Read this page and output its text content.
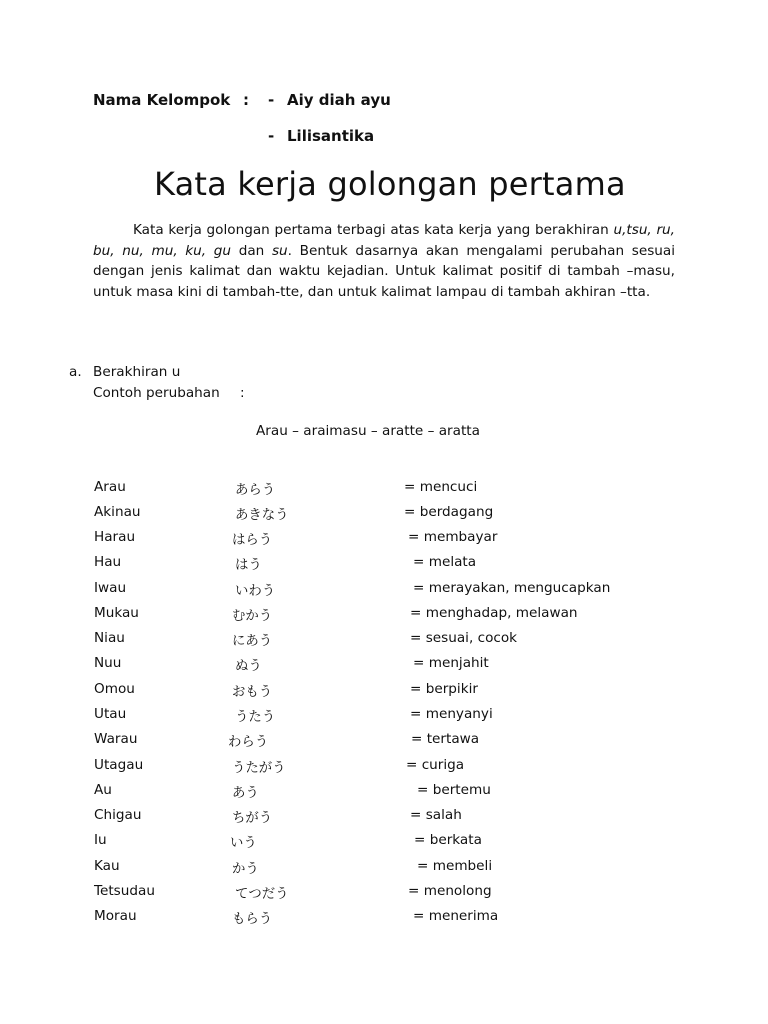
Nama Kelompok : - Aiy diah ayu
- Lilisantika
Kata kerja golongan pertama

Kata kerja golongan pertama terbagi atas kata kerja yang berakhiran u,tsu, ru, bu, nu, mu, ku, gu dan su. Bentuk dasarnya akan mengalami perubahan sesuai dengan jenis kalimat dan waktu kejadian. Untuk kalimat positif di tambah –masu, untuk masa kini di tambah-tte, dan untuk kalimat lampau di tambah akhiran –tta.

a. Berakhiran u
Contoh perubahan :
Arau – araimasu – aratte – aratta
Arau	あらう	= mencuci
Akinau	あきなう	= berdagang
Harau	はらう	= membayar
Hau	はう	= melata
Iwau	いわう	= merayakan, mengucapkan
Mukau	むかう	= menghadap, melawan
Niau	にあう	= sesuai, cocok
Nuu	ぬう	= menjahit
Omou	おもう	= berpikir
Utau	うたう	= menyanyi
Warau	わらう	= tertawa
Utagau	うたがう	= curiga
Au	あう	= bertemu
Chigau	ちがう	= salah
Iu	いう	= berkata
Kau	かう	= membeli
Tetsudau	てつだう	= menolong
Morau	もらう	= menerima
